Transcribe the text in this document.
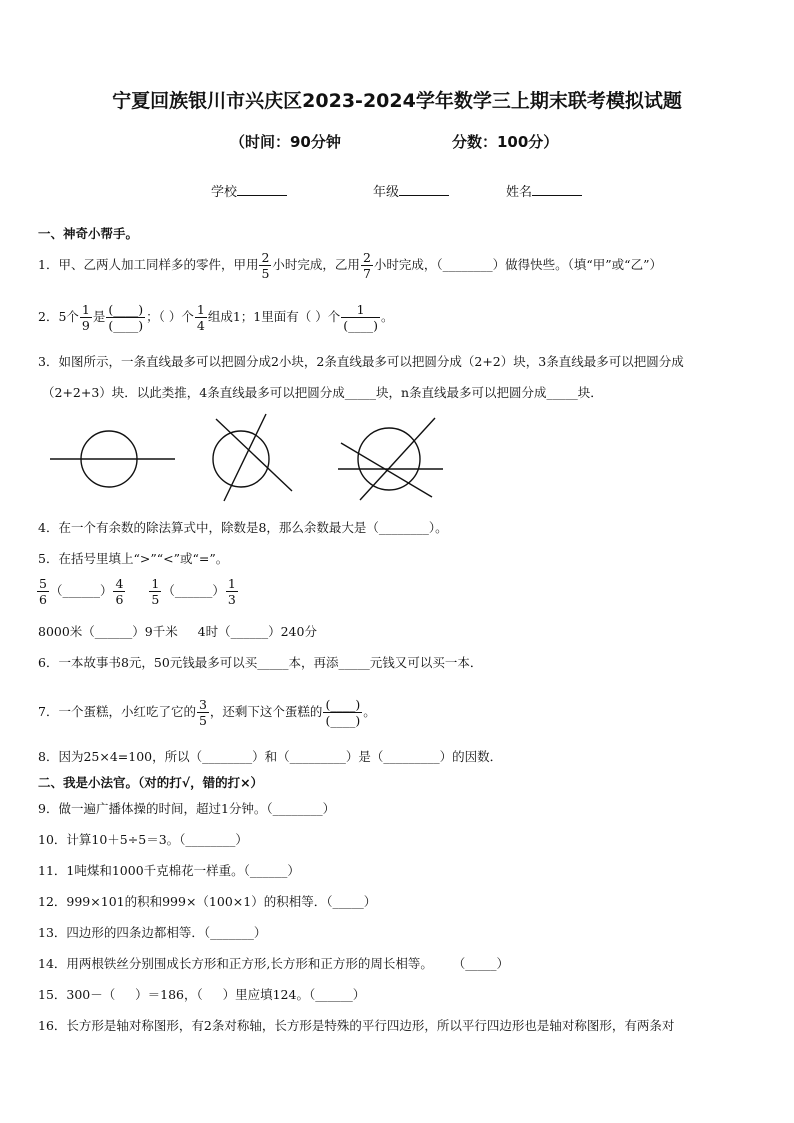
宁夏回族银川市兴庆区2023-2024学年数学三上期末联考模拟试题
（时间：90分钟	分数：100分）
学校	年级	姓名
一、神奇小帮手。
1．甲、乙两人加工同样多的零件，甲用 $\frac{2}{5}$ 小时完成，乙用 $\frac{2}{7}$ 小时完成，（________）做得快些。（填“甲”或“乙”）
2．5个 $\frac{1}{9}$ 是 $\frac{(\_\_\_\_)}{(\_\_\_\_)}$ ；（ ）个 $\frac{1}{4}$ 组成1；1里面有（ ）个 $\frac{1}{(\_\_\_\_)}$ 。
3．如图所示，一条直线最多可以把圆分成2小块，2条直线最多可以把圆分成（2+2）块，3条直线最多可以把圆分成
（2+2+3）块．以此类推，4条直线最多可以把圆分成_____块，n条直线最多可以把圆分成_____块．
4．在一个有余数的除法算式中，除数是8，那么余数最大是（________）。
5．在括号里填上“>”“<”或“=”。
$\frac{5}{6}$ （______） $\frac{4}{6} \frac{1}{5}$ （______） $\frac{1}{3}$
8000米（______）9千米     4时（______）240分
6．一本故事书8元，50元钱最多可以买_____本，再添_____元钱又可以买一本．
7．一个蛋糕，小红吃了它的 $\frac{3}{5}$ ，还剩下这个蛋糕的 $\frac{(\_\_\_\_)}{(\_\_\_\_)}$ 。
8．因为25×4=100，所以（________）和（_________）是（_________）的因数．
二、我是小法官。（对的打√，错的打×）
9．做一遍广播体操的时间，超过1分钟。（________）
10．计算10＋5÷5＝3。（________）
11．1吨煤和1000千克棉花一样重。（______）
12．999×101的积和999×（100×1）的积相等．（_____）
13．四边形的四条边都相等．（_______）
14．用两根铁丝分别围成长方形和正方形,长方形和正方形的周长相等。     （_____）
15．300－（     ）＝186，（     ）里应填124。（______）
16．长方形是轴对称图形，有2条对称轴，长方形是特殊的平行四边形，所以平行四边形也是轴对称图形，有两条对
